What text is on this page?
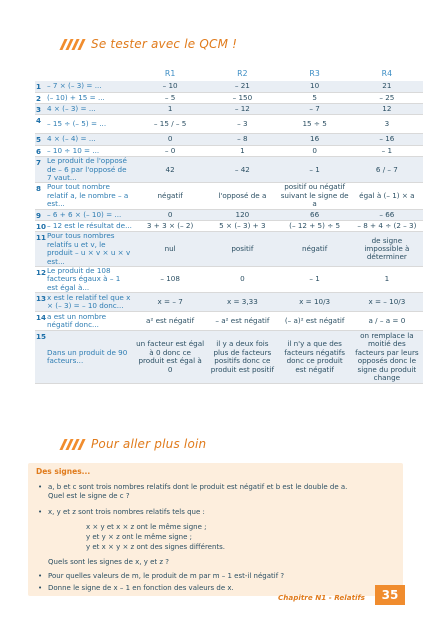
Se tester avec le QCM !
		R1	R2	R3	R4
1	– 7 × (– 3) = ...	– 10	– 21	10	21
2	(– 10) + 15 = ...	– 5	– 150	5	– 25
3	4 × (– 3) = ...	1	– 12	– 7	12
4	– 15 ÷ (– 5) = ...	– 15 / – 5	– 3	15 ÷ 5	3
5	4 × (– 4) = ...	0	– 8	16	– 16
6	– 10 ÷ 10 = ...	– 0	1	0	– 1
7	Le produit de l'opposé de – 6 par l'opposé de 7 vaut...	42	– 42	– 1	6 / – 7
8	Pour tout nombre relatif a, le nombre – a est...	négatif	l'opposé de a	positif ou négatif suivant le signe de a	égal à (– 1) × a
9	– 6 + 6 × (– 10) = ...	0	120	66	– 66
10	– 12 est le résultat de...	3 + 3 × (– 2)	5 × (– 3) + 3	(– 12 + 5) ÷ 5	– 8 + 4 ÷ (2 – 3)
11	Pour tous nombres relatifs u et v, le produit – u × v × u × v est...	nul	positif	négatif	de signe impossible à déterminer
12	Le produit de 108 facteurs égaux à – 1 est égal à...	– 108	0	– 1	1
13	x est le relatif tel que x × (– 3) = – 10 donc...	x = – 7	x = 3,33	x = 10/3	x = – 10/3
14	a est un nombre négatif donc...	a² est négatif	– a² est négatif	(– a)² est négatif	a / – a = 0
15	Dans un produit de 90 facteurs...	un facteur est égal à 0 donc ce produit est égal à 0	il y a deux fois plus de facteurs positifs donc ce produit est positif	il n'y a que des facteurs négatifs donc ce produit est négatif	on remplace la moitié des facteurs par leurs opposés donc le signe du produit change
Pour aller plus loin
Des signes...
• a, b et c sont trois nombres relatifs dont le produit est négatif et b est le double de a.
Quel est le signe de c ?
• x, y et z sont trois nombres relatifs tels que :
x × y et x × z ont le même signe ;
y et y × z ont le même signe ;
y et x × y × z ont des signes différents.
Quels sont les signes de x, y et z ?
• Pour quelles valeurs de m, le produit de m par m – 1 est-il négatif ?
• Donne le signe de x – 1 en fonction des valeurs de x.
Chapitre N1 - Relatifs	35
